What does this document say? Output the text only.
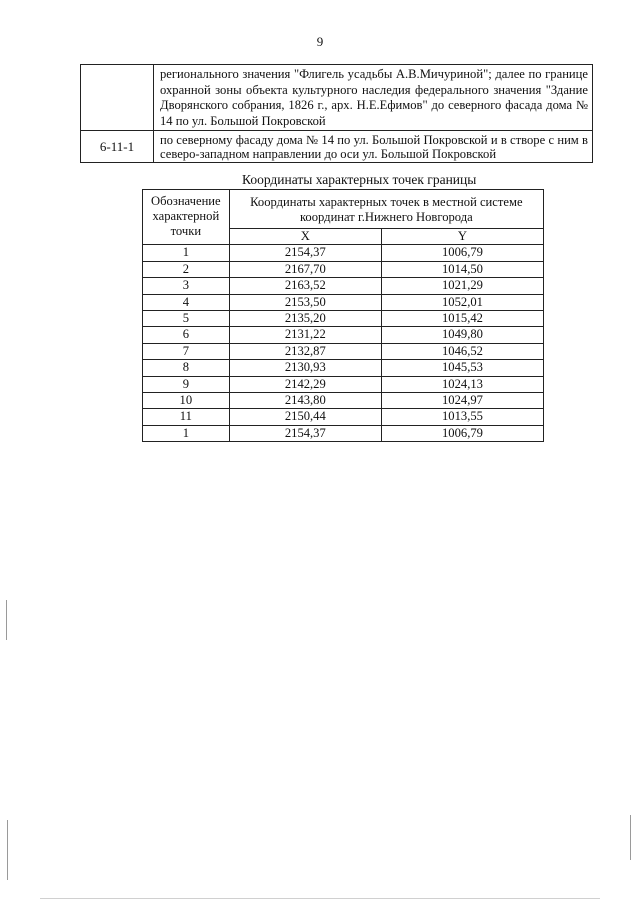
9
	регионального значения "Флигель усадьбы А.В.Мичуриной"; далее по границе охранной зоны объекта культурного наследия федерального значения "Здание Дворянского собрания, 1826 г., арх. Н.Е.Ефимов" до северного фасада дома № 14 по ул. Большой Покровской
6-11-1	по северному фасаду дома № 14 по ул. Большой Покровской и в створе с ним в северо-западном направлении до оси ул. Большой Покровской
Координаты характерных точек границы
Обозначение характерной точки	Координаты характерных точек в местной системе координат г.Нижнего Новгорода	
	X	Y
1	2154,37	1006,79
2	2167,70	1014,50
3	2163,52	1021,29
4	2153,50	1052,01
5	2135,20	1015,42
6	2131,22	1049,80
7	2132,87	1046,52
8	2130,93	1045,53
9	2142,29	1024,13
10	2143,80	1024,97
11	2150,44	1013,55
1	2154,37	1006,79
